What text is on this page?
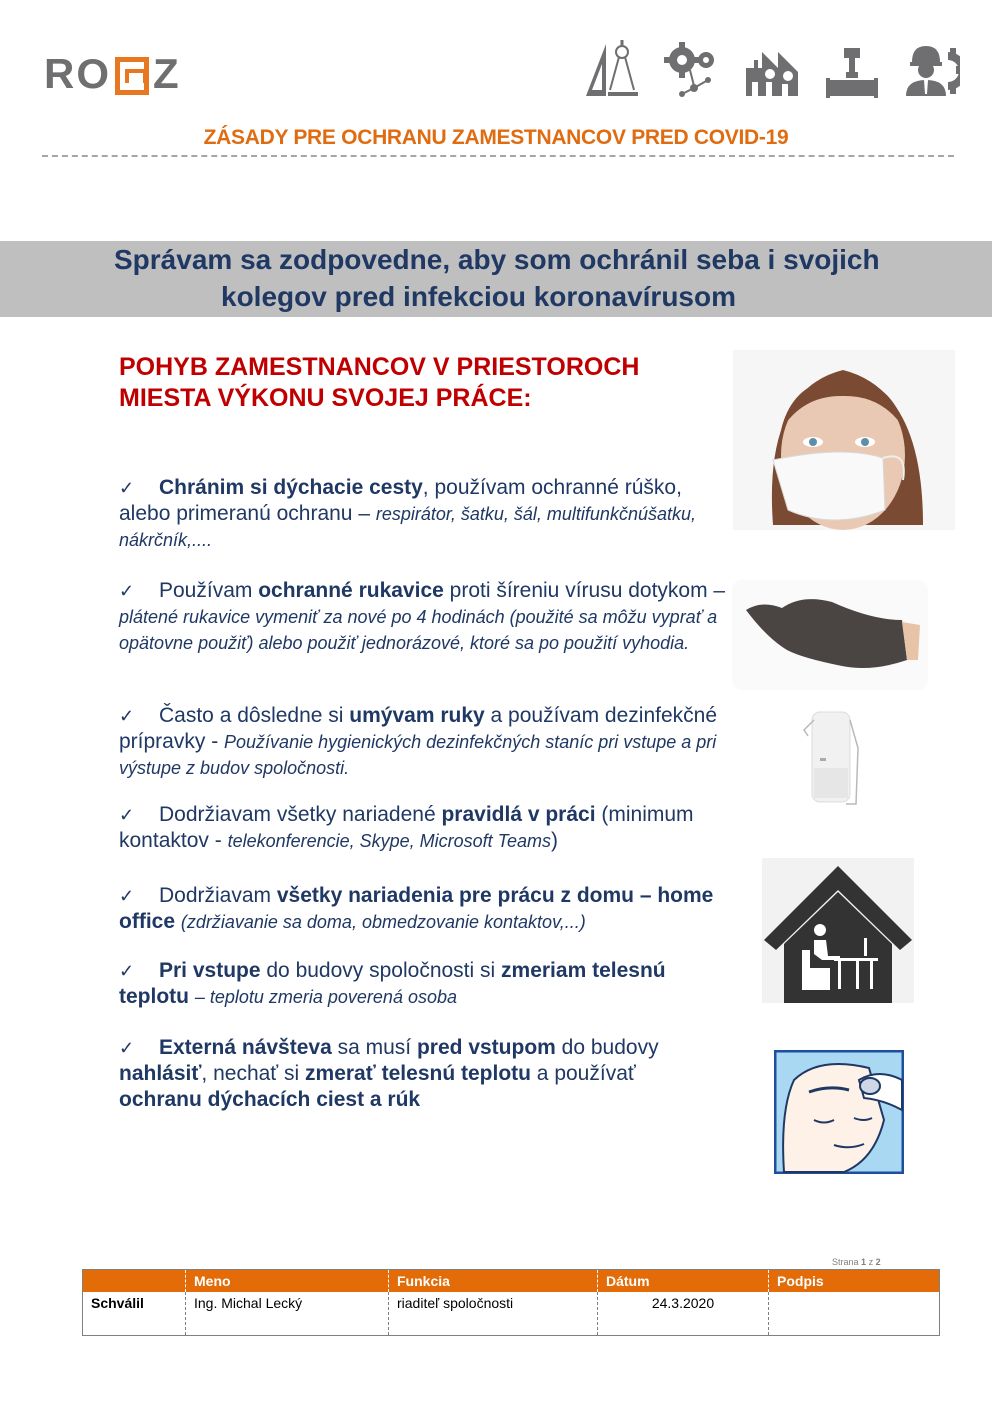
RO Z
ZÁSADY PRE OCHRANU ZAMESTNANCOV PRED COVID-19
Správam sa zodpovedne, aby som ochránil seba i svojich
kolegov pred infekciou koronavírusom
POHYB ZAMESTNANCOV V PRIESTOROCH
MIESTA VÝKONU SVOJEJ PRÁCE:
✓ Chránim si dýchacie cesty, používam ochranné rúško, alebo primeranú ochranu – respirátor, šatku, šál, multifunkčnúšatku, nákrčník,....
✓ Používam ochranné rukavice proti šíreniu vírusu dotykom – plátené rukavice vymeniť za nové po 4 hodinách (použité sa môžu vyprať a opätovne použiť) alebo použiť jednorázové, ktoré sa po použití vyhodia.
✓ Často a dôsledne si umývam ruky a používam dezinfekčné prípravky - Používanie hygienických dezinfekčných staníc pri vstupe a pri výstupe z budov spoločnosti.
✓ Dodržiavam všetky nariadené pravidlá v práci (minimum kontaktov - telekonferencie, Skype, Microsoft Teams)
✓ Dodržiavam všetky nariadenia pre prácu z domu – home office (zdržiavanie sa doma, obmedzovanie kontaktov,...)
✓ Pri vstupe do budovy spoločnosti si zmeriam telesnú teplotu – teplotu zmeria poverená osoba
✓ Externá návšteva sa musí pred vstupom do budovy nahlásiť, nechať si zmerať telesnú teplotu a používať ochranu dýchacích ciest a rúk
Strana 1 z 2
	Meno	Funkcia	Dátum	Podpis
Schválil	Ing. Michal Lecký	riaditeľ spoločnosti	24.3.2020	
